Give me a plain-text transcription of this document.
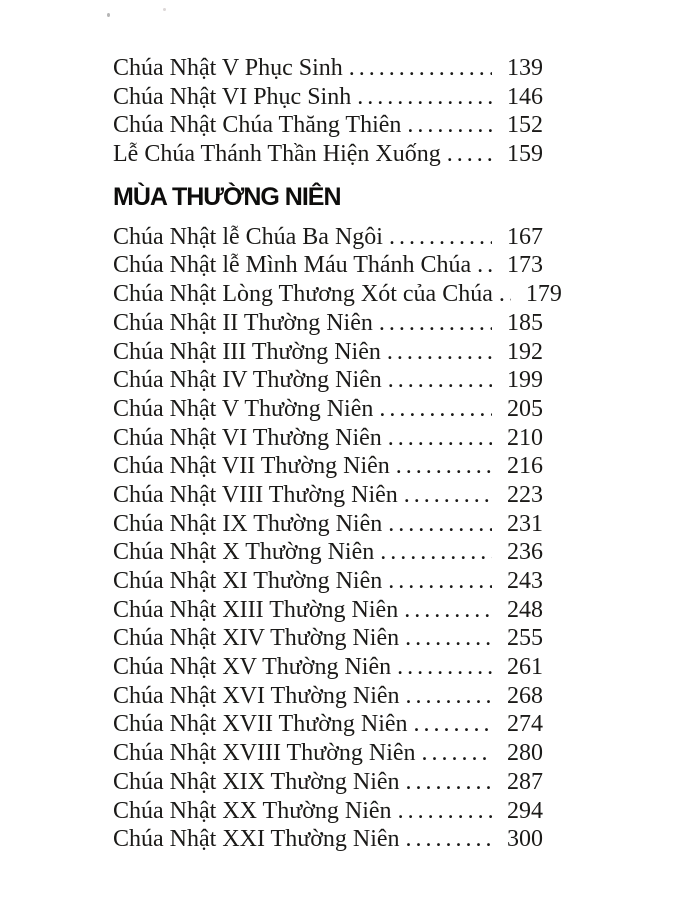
Chúa Nhật V Phục Sinh .....	139
Chúa Nhật VI Phục Sinh .....	146
Chúa Nhật Chúa Thăng Thiên .....	152
Lễ Chúa Thánh Thần Hiện Xuống .....	159
MÙA THƯỜNG NIÊN
Chúa Nhật lễ Chúa Ba Ngôi .....	167
Chúa Nhật lễ Mình Máu Thánh Chúa .....	173
Chúa Nhật Lòng Thương Xót của Chúa .....	179
Chúa Nhật II Thường Niên .....	185
Chúa Nhật III Thường Niên .....	192
Chúa Nhật IV Thường Niên .....	199
Chúa Nhật V Thường Niên .....	205
Chúa Nhật VI Thường Niên .....	210
Chúa Nhật VII Thường Niên .....	216
Chúa Nhật VIII Thường Niên .....	223
Chúa Nhật IX Thường Niên .....	231
Chúa Nhật X Thường Niên .....	236
Chúa Nhật XI Thường Niên .....	243
Chúa Nhật XIII Thường Niên .....	248
Chúa Nhật XIV Thường Niên .....	255
Chúa Nhật XV Thường Niên .....	261
Chúa Nhật XVI Thường Niên .....	268
Chúa Nhật XVII Thường Niên .....	274
Chúa Nhật XVIII Thường Niên .....	280
Chúa Nhật XIX Thường Niên .....	287
Chúa Nhật XX Thường Niên .....	294
Chúa Nhật XXI Thường Niên .....	300
